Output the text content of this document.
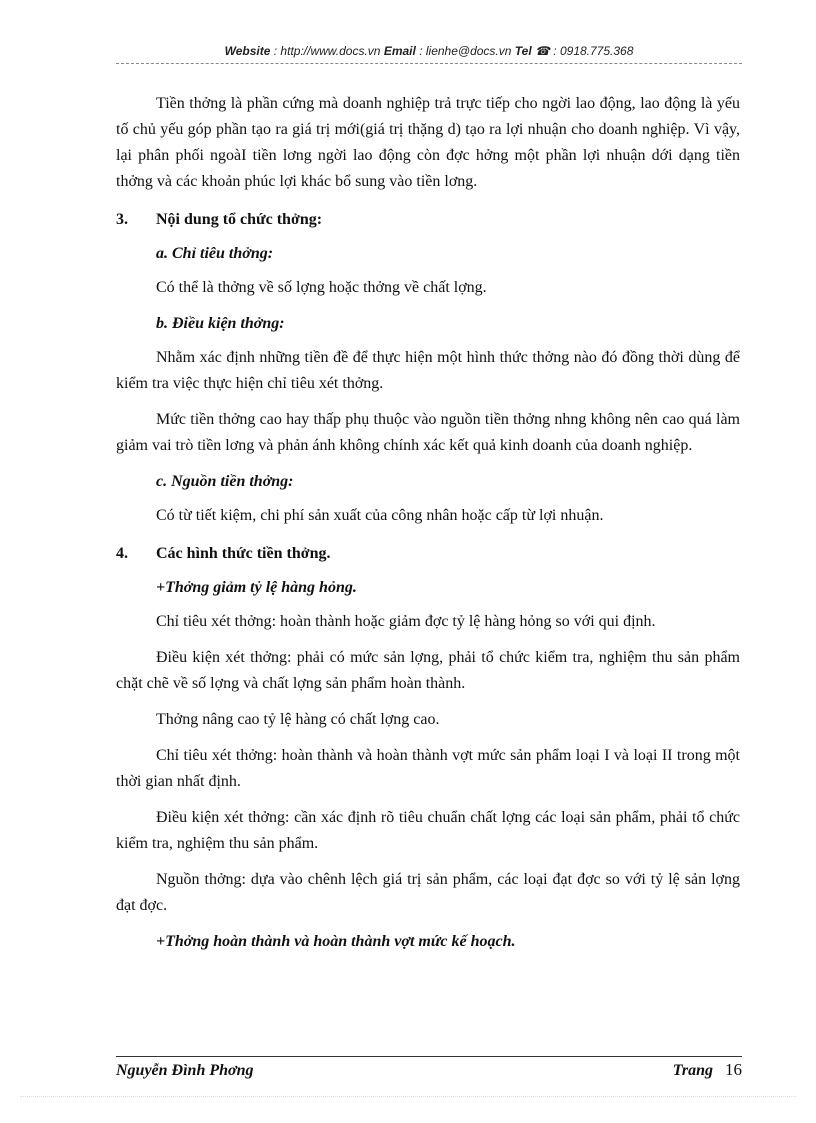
Website : http://www.docs.vn Email : lienhe@docs.vn Tel ☎ : 0918.775.368

Tiền thởng là phần cứng mà doanh nghiệp trả trực tiếp cho ngời lao động, lao động là yếu tố chủ yếu góp phần tạo ra giá trị mới(giá trị thặng d) tạo ra lợi nhuận cho doanh nghiệp. Vì vậy, lại phân phối ngoàI tiền lơng ngời lao động còn đợc hởng một phần lợi nhuận dới dạng tiền thởng và các khoản phúc lợi khác bổ sung vào tiền lơng.

3.	Nội dung tổ chức thởng:
a. Chỉ tiêu thởng:

Có thể là thởng về số lợng hoặc thởng về chất lợng.

b. Điều kiện thởng:

Nhằm xác định những tiền đề để thực hiện một hình thức thởng nào đó đồng thời dùng để kiểm tra việc thực hiện chỉ tiêu xét thởng.

Mức tiền thởng cao hay thấp phụ thuộc vào nguồn tiền thởng nhng không nên cao quá làm giảm vai trò tiền lơng và phản ánh không chính xác kết quả kinh doanh của doanh nghiệp.

c. Nguồn tiền thởng:

Có từ tiết kiệm, chi phí sản xuất của công nhân hoặc cấp từ lợi nhuận.

4.	Các hình thức tiền thởng.
+Thởng giảm tỷ lệ hàng hỏng.

Chỉ tiêu xét thởng: hoàn thành hoặc giảm đợc tỷ lệ hàng hỏng so với qui định.

Điều kiện xét thởng: phải có mức sản lợng, phải tổ chức kiểm tra, nghiệm thu sản phẩm chặt chẽ về số lợng và chất lợng sản phẩm hoàn thành.

Thởng nâng cao tỷ lệ hàng có chất lợng cao.

Chỉ tiêu xét thởng: hoàn thành và hoàn thành vợt mức sản phẩm loại I và loại II trong một thời gian nhất định.

Điều kiện xét thởng: cần xác định rõ tiêu chuẩn chất lợng các loại sản phẩm, phải tổ chức kiểm tra, nghiệm thu sản phẩm.

Nguồn thởng: dựa vào chênh lệch giá trị sản phẩm, các loại đạt đợc so với tỷ lệ sản lợng đạt đợc.

+Thởng hoàn thành và hoàn thành vợt mức kế hoạch.
Nguyễn Đình Phơng	Trang 16
